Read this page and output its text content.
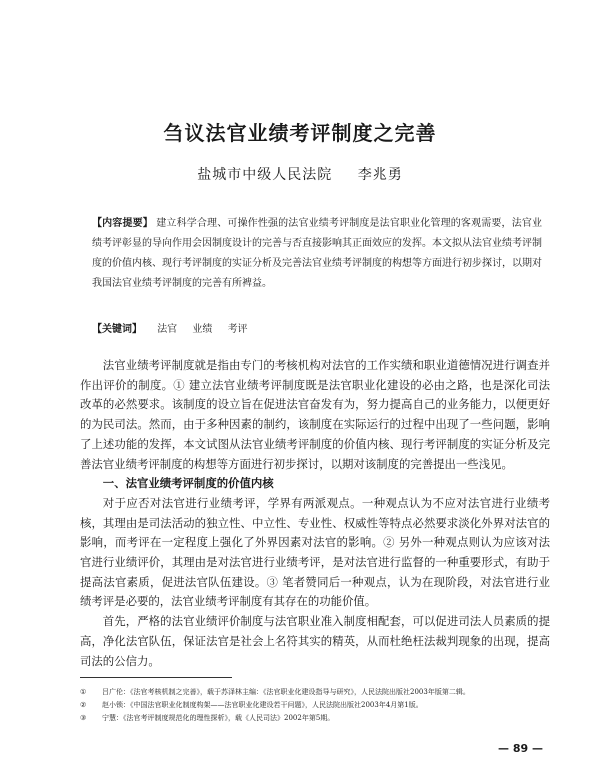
刍议法官业绩考评制度之完善
盐城市中级人民法院 李兆勇
【内容提要】 建立科学合理、可操作性强的法官业绩考评制度是法官职业化管理的客观需要，法官业绩考评彰显的导向作用会因制度设计的完善与否直接影响其正面效应的发挥。本文拟从法官业绩考评制度的价值内核、现行考评制度的实证分析及完善法官业绩考评制度的构想等方面进行初步探讨，以期对我国法官业绩考评制度的完善有所裨益。
【关键词】 法官 业绩 考评

法官业绩考评制度就是指由专门的考核机构对法官的工作实绩和职业道德情况进行调查并作出评价的制度。① 建立法官业绩考评制度既是法官职业化建设的必由之路，也是深化司法改革的必然要求。该制度的设立旨在促进法官奋发有为，努力提高自己的业务能力，以便更好的为民司法。然而，由于多种因素的制约，该制度在实际运行的过程中出现了一些问题，影响了上述功能的发挥，本文试图从法官业绩考评制度的价值内核、现行考评制度的实证分析及完善法官业绩考评制度的构想等方面进行初步探讨，以期对该制度的完善提出一些浅见。

一、法官业绩考评制度的价值内核

对于应否对法官进行业绩考评，学界有两派观点。一种观点认为不应对法官进行业绩考核，其理由是司法活动的独立性、中立性、专业性、权威性等特点必然要求淡化外界对法官的影响，而考评在一定程度上强化了外界因素对法官的影响。② 另外一种观点则认为应该对法官进行业绩评价，其理由是对法官进行业绩考评，是对法官进行监督的一种重要形式，有助于提高法官素质，促进法官队伍建设。③ 笔者赞同后一种观点，认为在现阶段，对法官进行业绩考评是必要的，法官业绩考评制度有其存在的功能价值。

首先，严格的法官业绩评价制度与法官职业准入制度相配套，可以促进司法人员素质的提高，净化法官队伍，保证法官是社会上名符其实的精英，从而杜绝枉法裁判现象的出现，提高司法的公信力。

①	吕广伦：《法官考核机制之完善》，载于苏泽林主编：《法官职业化建设指导与研究》，人民法院出版社2003年版第二辑。
②	赵小锁：《中国法官职业化制度构架——法官职业化建设若干问题》，人民法院出版社2003年4月第1版。
③	宁慧：《法官考评制度规范化的理性探析》，载《人民司法》2002年第5期。
— 89 —
